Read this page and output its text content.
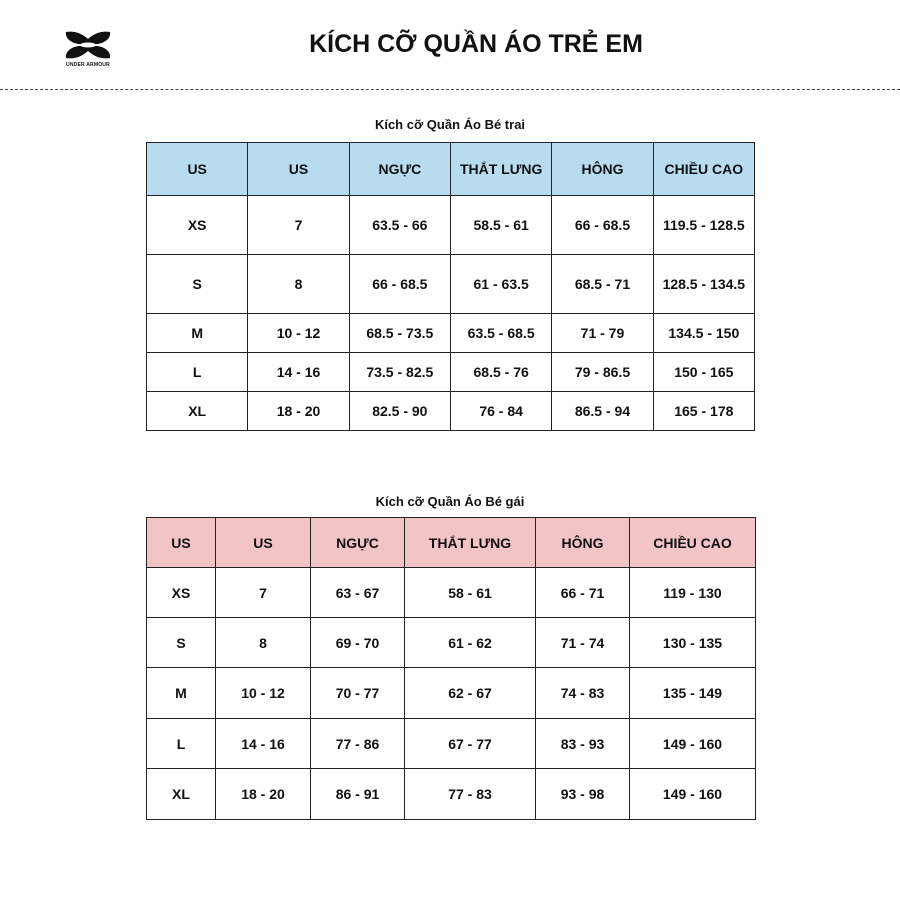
UNDER ARMOUR
KÍCH CỠ QUẦN ÁO TRẺ EM
Kích cỡ Quần Áo Bé trai
US	US	NGỰC	THẮT LƯNG	HÔNG	CHIỀU CAO
XS	7	63.5 - 66	58.5 - 61	66 - 68.5	119.5 - 128.5
S	8	66 - 68.5	61 - 63.5	68.5 - 71	128.5 - 134.5
M	10 - 12	68.5 - 73.5	63.5 - 68.5	71 - 79	134.5 - 150
L	14 - 16	73.5 - 82.5	68.5 - 76	79 - 86.5	150 - 165
XL	18 - 20	82.5 - 90	76 - 84	86.5 - 94	165 - 178
Kích cỡ Quần Áo Bé gái
US	US	NGỰC	THẮT LƯNG	HÔNG	CHIỀU CAO
XS	7	63 - 67	58 - 61	66 - 71	119 - 130
S	8	69 - 70	61 - 62	71 - 74	130 - 135
M	10 - 12	70 - 77	62 - 67	74 - 83	135 - 149
L	14 - 16	77 - 86	67 - 77	83 - 93	149 - 160
XL	18 - 20	86 - 91	77 - 83	93 - 98	149 - 160
